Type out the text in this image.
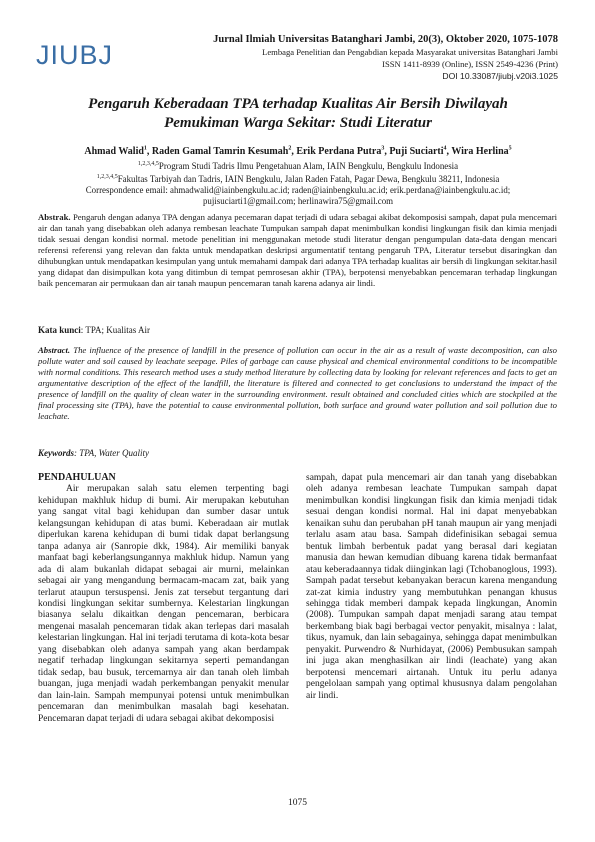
JIUBJ
Jurnal Ilmiah Universitas Batanghari Jambi, 20(3), Oktober 2020, 1075-1078
Lembaga Penelitian dan Pengabdian kepada Masyarakat universitas Batanghari Jambi
ISSN 1411-8939 (Online), ISSN 2549-4236 (Print)
DOI 10.33087/jiubj.v20i3.1025
Pengaruh Keberadaan TPA terhadap Kualitas Air Bersih Diwilayah
Pemukiman Warga Sekitar: Studi Literatur
Ahmad Walid$^1$, Raden Gamal Tamrin Kesumah$^2$, Erik Perdana Putra$^3$, Puji Suciarti$^4$, Wira Herlina$^5$
$^{1,2,3,4,5}$Program Studi Tadris Ilmu Pengetahuan Alam, IAIN Bengkulu, Bengkulu Indonesia
$^{1,2,3,4,5}$Fakultas Tarbiyah dan Tadris, IAIN Bengkulu, Jalan Raden Fatah, Pagar Dewa, Bengkulu 38211, Indonesia
Correspondence email: ahmadwalid@iainbengkulu.ac.id; raden@iainbengkulu.ac.id; erik.perdana@iainbengkulu.ac.id;
pujisuciarti1@gmail.com; herlinawira75@gmail.com
Abstrak. Pengaruh dengan adanya TPA dengan adanya pecemaran dapat terjadi di udara sebagai akibat dekomposisi sampah, dapat pula mencemari air dan tanah yang disebabkan oleh adanya rembesan leachate Tumpukan sampah dapat menimbulkan kondisi lingkungan fisik dan kimia menjadi tidak sesuai dengan kondisi normal. metode penelitian ini menggunakan metode studi literatur dengan pengumpulan data-data dengan mencari referensi referensi yang relevan dan fakta untuk mendapatkan deskripsi argumentatif tentang pengaruh TPA, Literatur tersebut disaringkan dan dihubungkan untuk mendapatkan kesimpulan yang untuk memahami dampak dari adanya TPA terhadap kualitas air bersih di lingkungan sekitar.hasil yang didapat dan disimpulkan kota yang ditimbun di tempat pemrosesan akhir (TPA), berpotensi menyebabkan pencemaran terhadap lingkungan baik pencemaran air permukaan dan air tanah maupun pencemaran tanah karena adanya air lindi.
Kata kunci: TPA; Kualitas Air
Abstract. The influence of the presence of landfill in the presence of pollution can occur in the air as a result of waste decomposition, can also pollute water and soil caused by leachate seepage. Piles of garbage can cause physical and chemical environmental conditions to be incompatible with normal conditions. This research method uses a study method literature by collecting data by looking for relevant references and facts to get an argumentative description of the effect of the landfill, the literature is filtered and connected to get conclusions to understand the impact of the presence of landfill on the quality of clean water in the surrounding environment. result obtained and concluded cities which are stockpiled at the final processing site (TPA), have the potential to cause environmental pollution, both surface and ground water pollution and soil pollution due to leachate.
Keywords: TPA, Water Quality

PENDAHULUAN

Air merupakan salah satu elemen terpenting bagi kehidupan makhluk hidup di bumi. Air merupakan kebutuhan yang sangat vital bagi kehidupan dan sumber dasar untuk kelangsungan kehidupan di atas bumi. Keberadaan air mutlak diperlukan karena kehidupan di bumi tidak dapat berlangsung tanpa adanya air (Sanropie dkk, 1984). Air memiliki banyak manfaat bagi keberlangsungannya makhluk hidup. Namun yang ada di alam bukanlah didapat sebagai air murni, melainkan sebagai air yang mengandung bermacam-macam zat, baik yang terlarut ataupun tersuspensi. Jenis zat tersebut tergantung dari kondisi lingkungan sekitar sumbernya. Kelestarian lingkungan biasanya selalu dikaitkan dengan pencemaran, berbicara mengenai masalah pencemaran tidak akan terlepas dari masalah kelestarian lingkungan. Hal ini terjadi terutama di kota-kota besar yang disebabkan oleh adanya sampah yang akan berdampak negatif terhadap lingkungan sekitarnya seperti pemandangan tidak sedap, bau busuk, tercemarnya air dan tanah oleh limbah buangan, juga menjadi wadah perkembangan penyakit menular dan lain-lain. Sampah mempunyai potensi untuk menimbulkan pencemaran dan menimbulkan masalah bagi kesehatan. Pencemaran dapat terjadi di udara sebagai akibat dekomposisi

sampah, dapat pula mencemari air dan tanah yang disebabkan oleh adanya rembesan leachate Tumpukan sampah dapat menimbulkan kondisi lingkungan fisik dan kimia menjadi tidak sesuai dengan kondisi normal. Hal ini dapat menyebabkan kenaikan suhu dan perubahan pH tanah maupun air yang menjadi terlalu asam atau basa. Sampah didefinisikan sebagai semua bentuk limbah berbentuk padat yang berasal dari kegiatan manusia dan hewan kemudian dibuang karena tidak bermanfaat atau keberadaannya tidak diinginkan lagi (Tchobanoglous, 1993). Sampah padat tersebut kebanyakan beracun karena mengandung zat-zat kimia industry yang membutuhkan penangan khusus sehingga tidak memberi dampak kepada lingkungan, Anomin (2008). Tumpukan sampah dapat menjadi sarang atau tempat berkembang biak bagi berbagai vector penyakit, misalnya : lalat, tikus, nyamuk, dan lain sebagainya, sehingga dapat menimbulkan penyakit. Purwendro & Nurhidayat, (2006) Pembusukan sampah ini juga akan menghasilkan air lindi (leachate) yang akan berpotensi mencemari airtanah. Untuk itu perlu adanya pengelolaan sampah yang optimal khususnya dalam pengolahan air lindi.

1075
